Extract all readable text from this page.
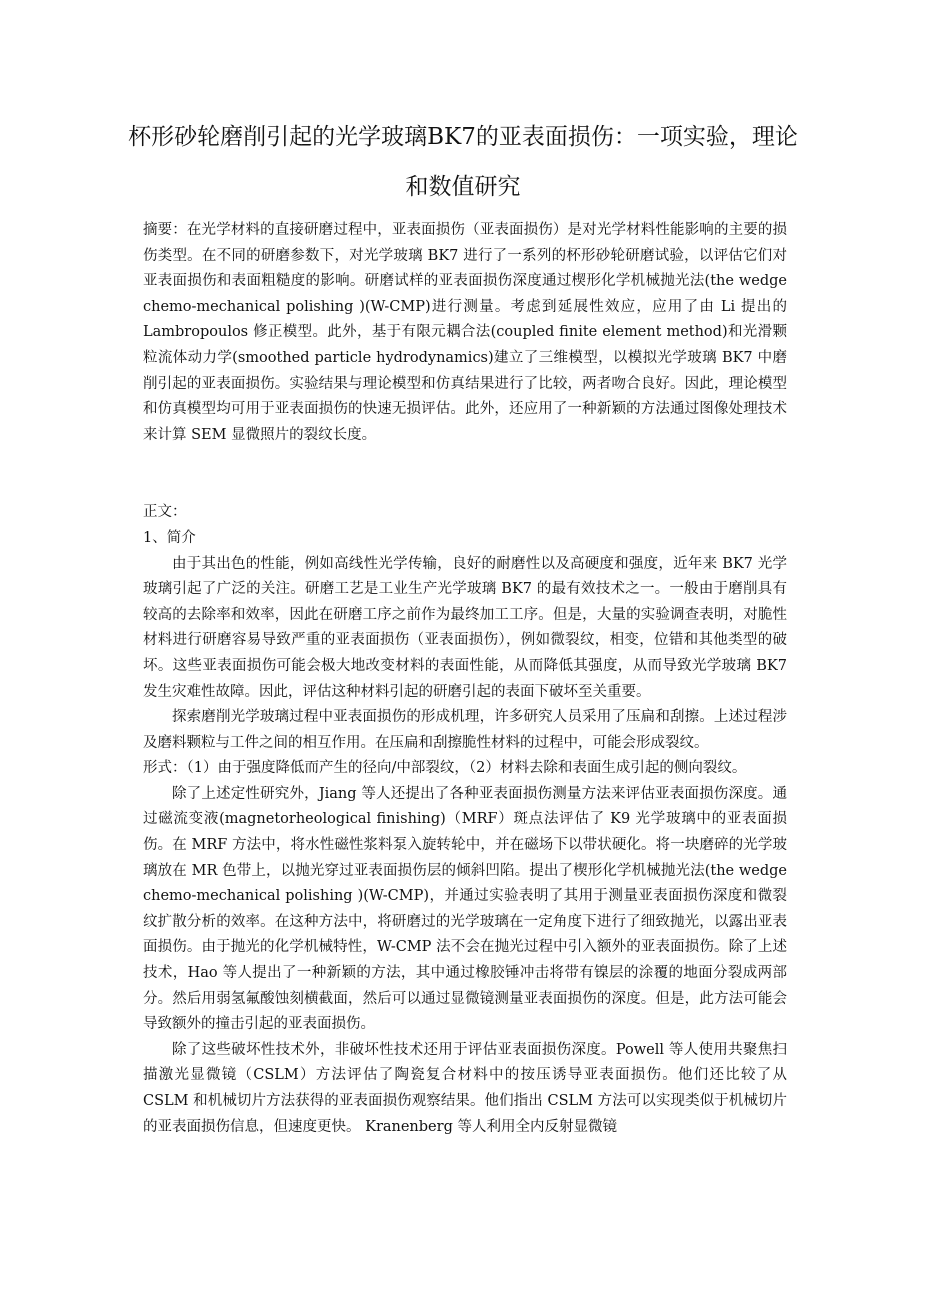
杯形砂轮磨削引起的光学玻璃BK7的亚表面损伤：一项实验，理论和数值研究

摘要：在光学材料的直接研磨过程中，亚表面损伤（亚表面损伤）是对光学材料性能影响的主要的损伤类型。在不同的研磨参数下，对光学玻璃 BK7 进行了一系列的杯形砂轮研磨试验，以评估它们对亚表面损伤和表面粗糙度的影响。研磨试样的亚表面损伤深度通过楔形化学机械抛光法(the wedge chemo-mechanical polishing )(W-CMP)进行测量。考虑到延展性效应，应用了由 Li 提出的 Lambropoulos 修正模型。此外，基于有限元耦合法(coupled finite element method)和光滑颗粒流体动力学(smoothed particle hydrodynamics)建立了三维模型，以模拟光学玻璃 BK7 中磨削引起的亚表面损伤。实验结果与理论模型和仿真结果进行了比较，两者吻合良好。因此，理论模型和仿真模型均可用于亚表面损伤的快速无损评估。此外，还应用了一种新颖的方法通过图像处理技术来计算 SEM 显微照片的裂纹长度。

正文：

1、简介

由于其出色的性能，例如高线性光学传输，良好的耐磨性以及高硬度和强度，近年来 BK7 光学玻璃引起了广泛的关注。研磨工艺是工业生产光学玻璃 BK7 的最有效技术之一。一般由于磨削具有较高的去除率和效率，因此在研磨工序之前作为最终加工工序。但是，大量的实验调查表明，对脆性材料进行研磨容易导致严重的亚表面损伤（亚表面损伤），例如微裂纹，相变，位错和其他类型的破坏。这些亚表面损伤可能会极大地改变材料的表面性能，从而降低其强度，从而导致光学玻璃 BK7 发生灾难性故障。因此，评估这种材料引起的研磨引起的表面下破坏至关重要。

探索磨削光学玻璃过程中亚表面损伤的形成机理，许多研究人员采用了压扁和刮擦。上述过程涉及磨料颗粒与工件之间的相互作用。在压扁和刮擦脆性材料的过程中，可能会形成裂纹。

形式：（1）由于强度降低而产生的径向/中部裂纹，（2）材料去除和表面生成引起的侧向裂纹。

除了上述定性研究外，Jiang 等人还提出了各种亚表面损伤测量方法来评估亚表面损伤深度。通过磁流变液(magnetorheological finishing)（MRF）斑点法评估了 K9 光学玻璃中的亚表面损伤。在 MRF 方法中，将水性磁性浆料泵入旋转轮中，并在磁场下以带状硬化。将一块磨碎的光学玻璃放在 MR 色带上，以抛光穿过亚表面损伤层的倾斜凹陷。提出了楔形化学机械抛光法(the wedge chemo-mechanical polishing )(W-CMP)，并通过实验表明了其用于测量亚表面损伤深度和微裂纹扩散分析的效率。在这种方法中，将研磨过的光学玻璃在一定角度下进行了细致抛光，以露出亚表面损伤。由于抛光的化学机械特性，W-CMP 法不会在抛光过程中引入额外的亚表面损伤。除了上述技术，Hao 等人提出了一种新颖的方法，其中通过橡胶锤冲击将带有镍层的涂覆的地面分裂成两部分。然后用弱氢氟酸蚀刻横截面，然后可以通过显微镜测量亚表面损伤的深度。但是，此方法可能会导致额外的撞击引起的亚表面损伤。

除了这些破坏性技术外，非破坏性技术还用于评估亚表面损伤深度。Powell 等人使用共聚焦扫描激光显微镜（CSLM）方法评估了陶瓷复合材料中的按压诱导亚表面损伤。他们还比较了从 CSLM 和机械切片方法获得的亚表面损伤观察结果。他们指出 CSLM 方法可以实现类似于机械切片的亚表面损伤信息，但速度更快。 Kranenberg 等人利用全内反射显微镜
